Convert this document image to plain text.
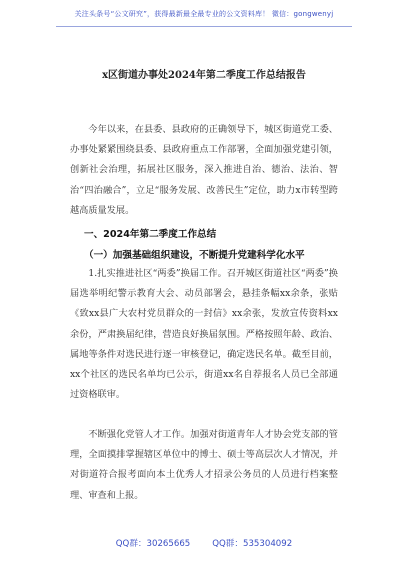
关注头条号“公文研究”，获得最新最全最专业的公文资料库！ 微信：gongwenyj
x区街道办事处2024年第二季度工作总结报告

今年以来，在县委、县政府的正确领导下，城区街道党工委、办事处紧紧围绕县委、县政府重点工作部署，全面加强党建引领，创新社会治理，拓展社区服务，深入推进自治、德治、法治、智治“四治融合”，立足“服务发展、改善民生”定位，助力x市转型跨越高质量发展。

一、2024年第二季度工作总结
（一）加强基础组织建设，不断提升党建科学化水平

1.扎实推进社区“两委”换届工作。召开城区街道社区“两委”换届选举明纪警示教育大会、动员部署会，悬挂条幅xx余条，张贴《致xx县广大农村党员群众的一封信》xx余张，发放宣传资料xx余份，严肃换届纪律，营造良好换届氛围。严格按照年龄、政治、属地等条件对选民进行逐一审核登记，确定选民名单。截至目前，xx个社区的选民名单均已公示，街道xx名自荐报名人员已全部通过资格联审。

不断强化党管人才工作。加强对街道青年人才协会党支部的管理，全面摸排掌握辖区单位中的博士、硕士等高层次人才情况，并对街道符合报考面向本土优秀人才招录公务员的人员进行档案整理、审查和上报。

QQ群：30265665	QQ群：535304092
